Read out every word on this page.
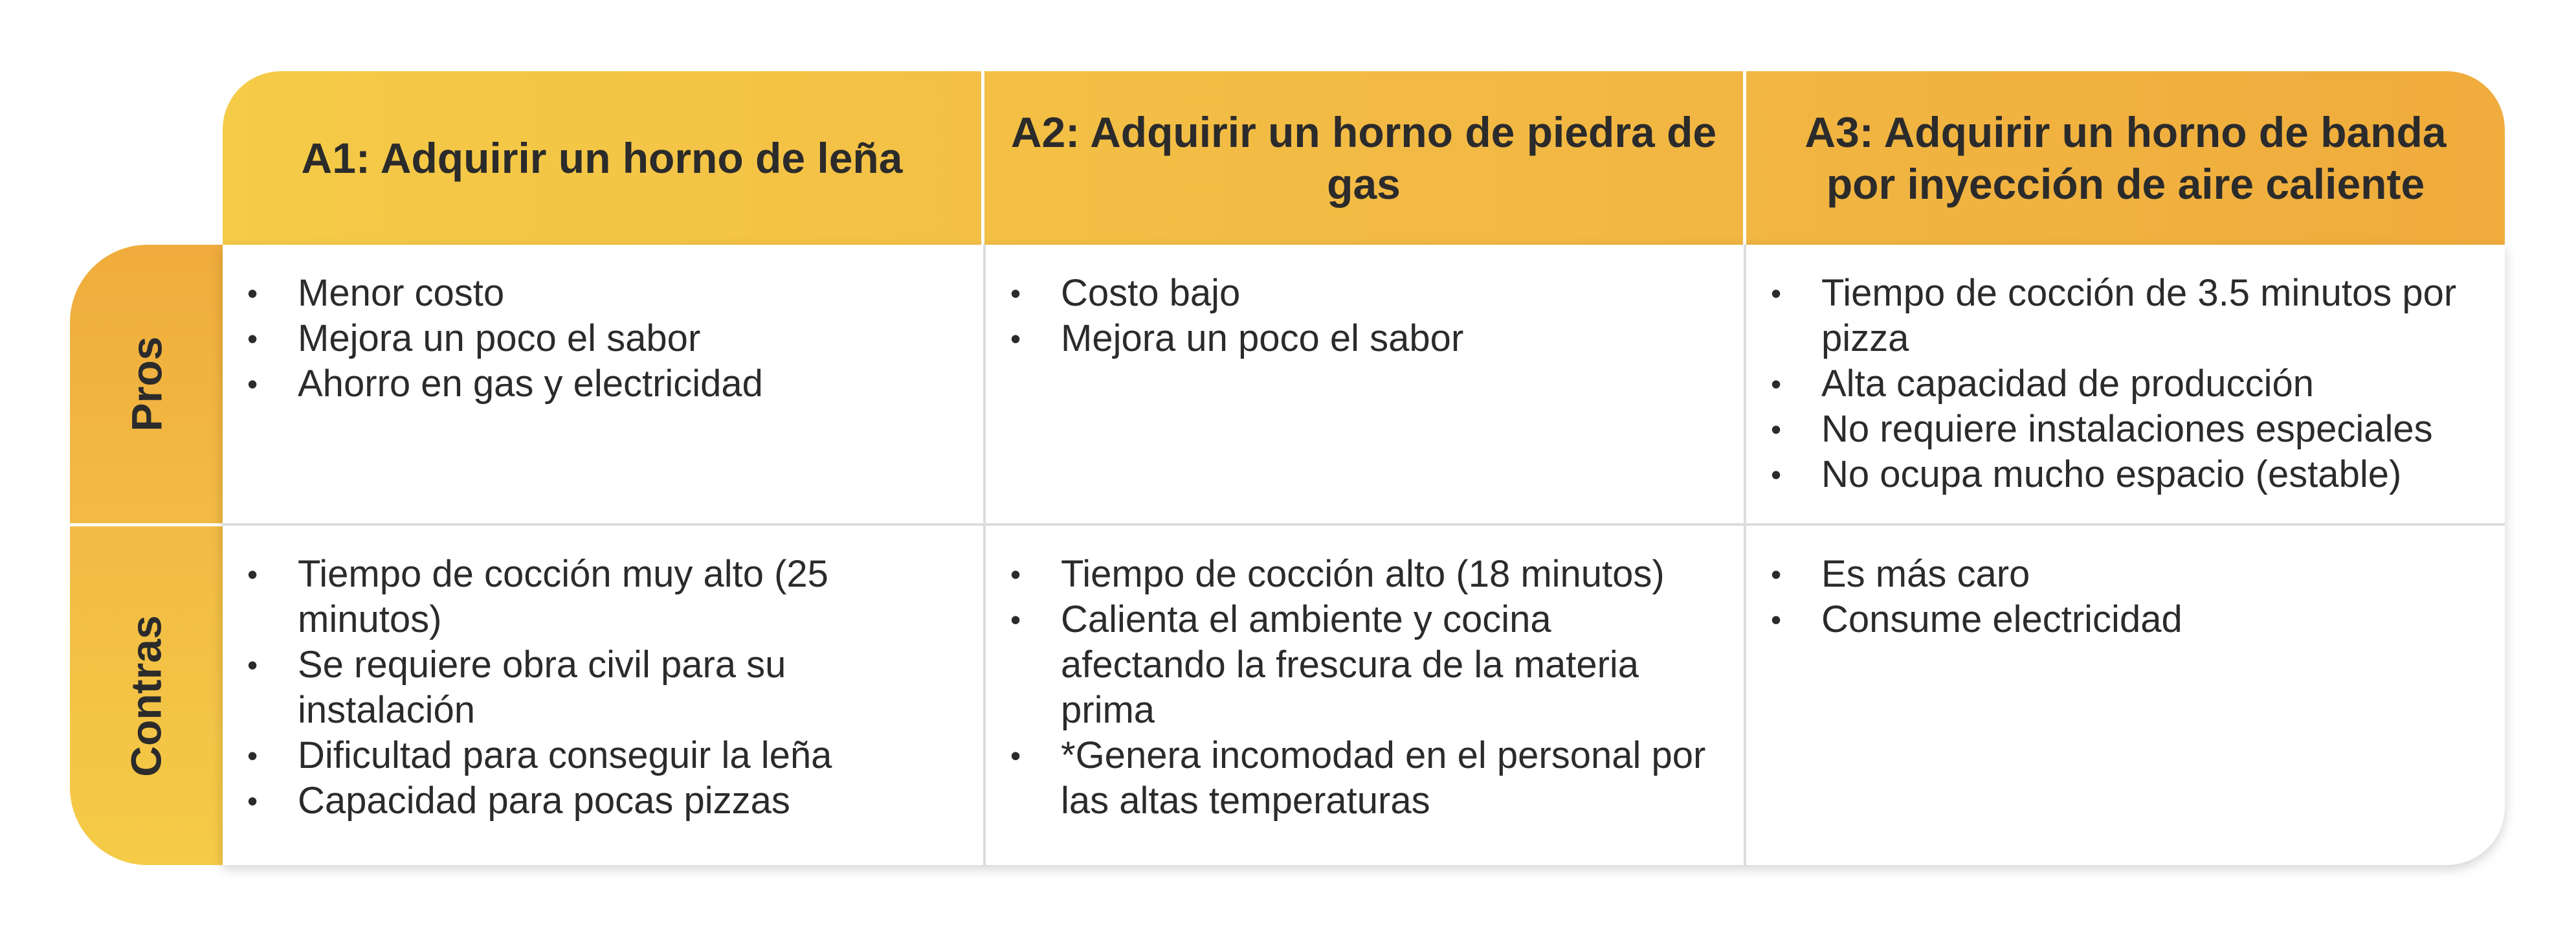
A1: Adquirir un horno de leña
A2: Adquirir un horno de piedra de gas
A3: Adquirir un horno de banda por inyección de aire caliente
Pros
Contras
• Menor costo
• Mejora un poco el sabor
• Ahorro en gas y electricidad
• Costo bajo
• Mejora un poco el sabor
• Tiempo de cocción de 3.5 minutos por pizza
• Alta capacidad de producción
• No requiere instalaciones especiales
• No ocupa mucho espacio (estable)
• Tiempo de cocción muy alto (25 minutos)
• Se requiere obra civil para su instalación
• Dificultad para conseguir la leña
• Capacidad para pocas pizzas
• Tiempo de cocción alto (18 minutos)
• Calienta el ambiente y cocina afectando la frescura de la materia prima
• *Genera incomodad en el personal por las altas temperaturas
• Es más caro
• Consume electricidad
